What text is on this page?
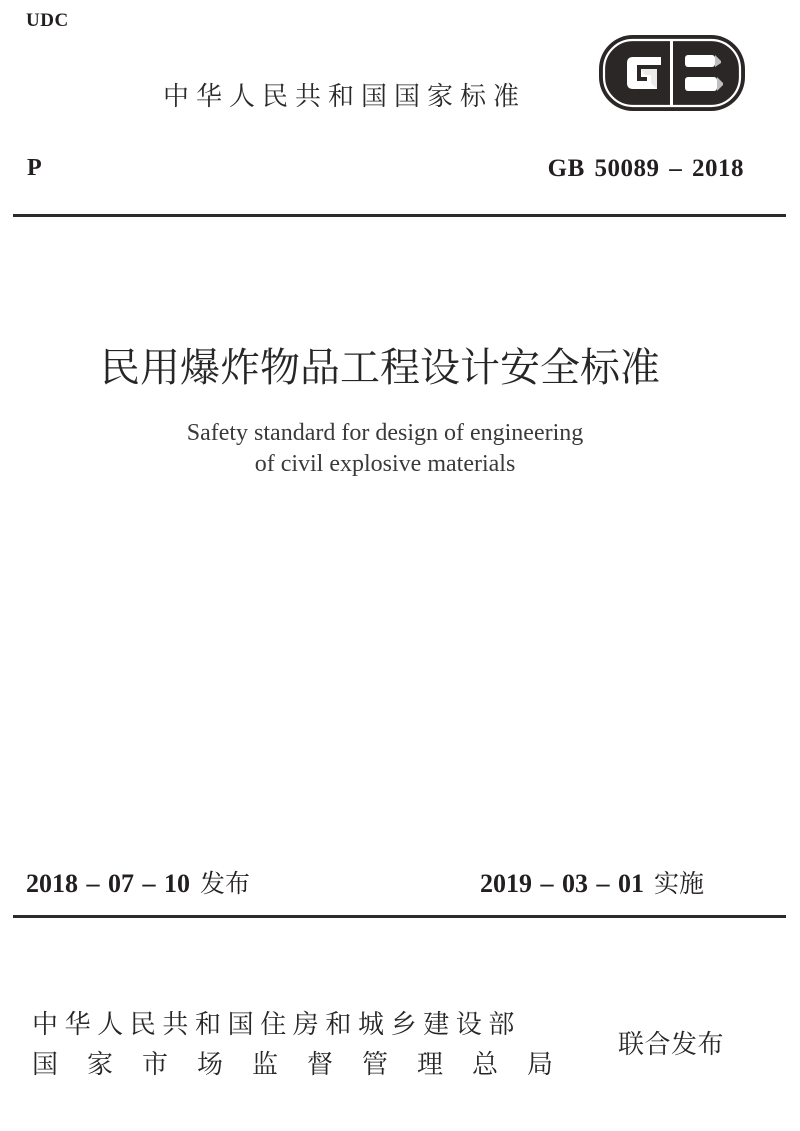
UDC
中华人民共和国国家标准
P	GB 50089 – 2018
民用爆炸物品工程设计安全标准
Safety standard for design of engineering
of civil explosive materials
2018 – 07 – 10 发布	2019 – 03 – 01 实施
中华人民共和国住房和城乡建设部
国家市场监督管理总局
联合发布
